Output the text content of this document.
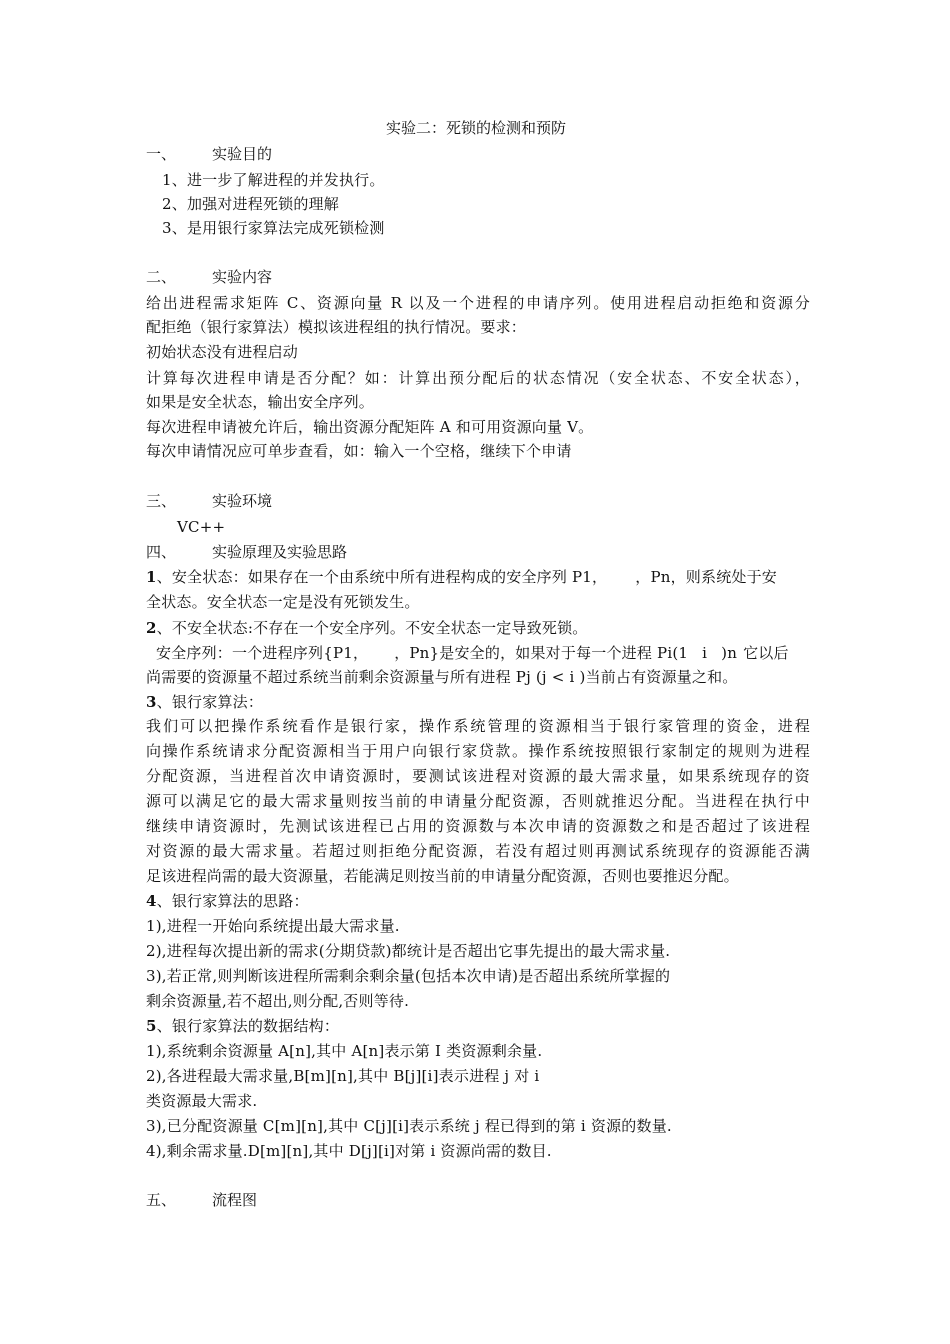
实验二：死锁的检测和预防
一、 实验目的
1、进一步了解进程的并发执行。
2、加强对进程死锁的理解
3、是用银行家算法完成死锁检测
二、 实验内容
给出进程需求矩阵 C、资源向量 R 以及一个进程的申请序列。使用进程启动拒绝和资源分
配拒绝（银行家算法）模拟该进程组的执行情况。要求：
初始状态没有进程启动
计算每次进程申请是否分配？如：计算出预分配后的状态情况（安全状态、不安全状态），
如果是安全状态，输出安全序列。
每次进程申请被允许后，输出资源分配矩阵 A 和可用资源向量 V。
每次申请情况应可单步查看，如：输入一个空格，继续下个申请
三、 实验环境
VC++
四、 实验原理及实验思路
1、安全状态：如果存在一个由系统中所有进程构成的安全序列 P1， ，Pn，则系统处于安
全状态。安全状态一定是没有死锁发生。
2、不安全状态:不存在一个安全序列。不安全状态一定导致死锁。
安全序列：一个进程序列{P1， ，Pn}是安全的，如果对于每一个进程 Pi(1 i )n 它以后
尚需要的资源量不超过系统当前剩余资源量与所有进程 Pj (j < i )当前占有资源量之和。
3、银行家算法：
我们可以把操作系统看作是银行家，操作系统管理的资源相当于银行家管理的资金，进程
向操作系统请求分配资源相当于用户向银行家贷款。操作系统按照银行家制定的规则为进程
分配资源，当进程首次申请资源时，要测试该进程对资源的最大需求量，如果系统现存的资
源可以满足它的最大需求量则按当前的申请量分配资源，否则就推迟分配。当进程在执行中
继续申请资源时，先测试该进程已占用的资源数与本次申请的资源数之和是否超过了该进程
对资源的最大需求量。若超过则拒绝分配资源，若没有超过则再测试系统现存的资源能否满
足该进程尚需的最大资源量，若能满足则按当前的申请量分配资源，否则也要推迟分配。
4、银行家算法的思路：
1),进程一开始向系统提出最大需求量.
2),进程每次提出新的需求(分期贷款)都统计是否超出它事先提出的最大需求量.
3),若正常,则判断该进程所需剩余剩余量(包括本次申请)是否超出系统所掌握的
剩余资源量,若不超出,则分配,否则等待.
5、银行家算法的数据结构：
1),系统剩余资源量 A[n],其中 A[n]表示第 I 类资源剩余量.
2),各进程最大需求量,B[m][n],其中 B[j][i]表示进程 j 对 i
类资源最大需求.
3),已分配资源量 C[m][n],其中 C[j][i]表示系统 j 程已得到的第 i 资源的数量.
4),剩余需求量.D[m][n],其中 D[j][i]对第 i 资源尚需的数目.
五、 流程图
